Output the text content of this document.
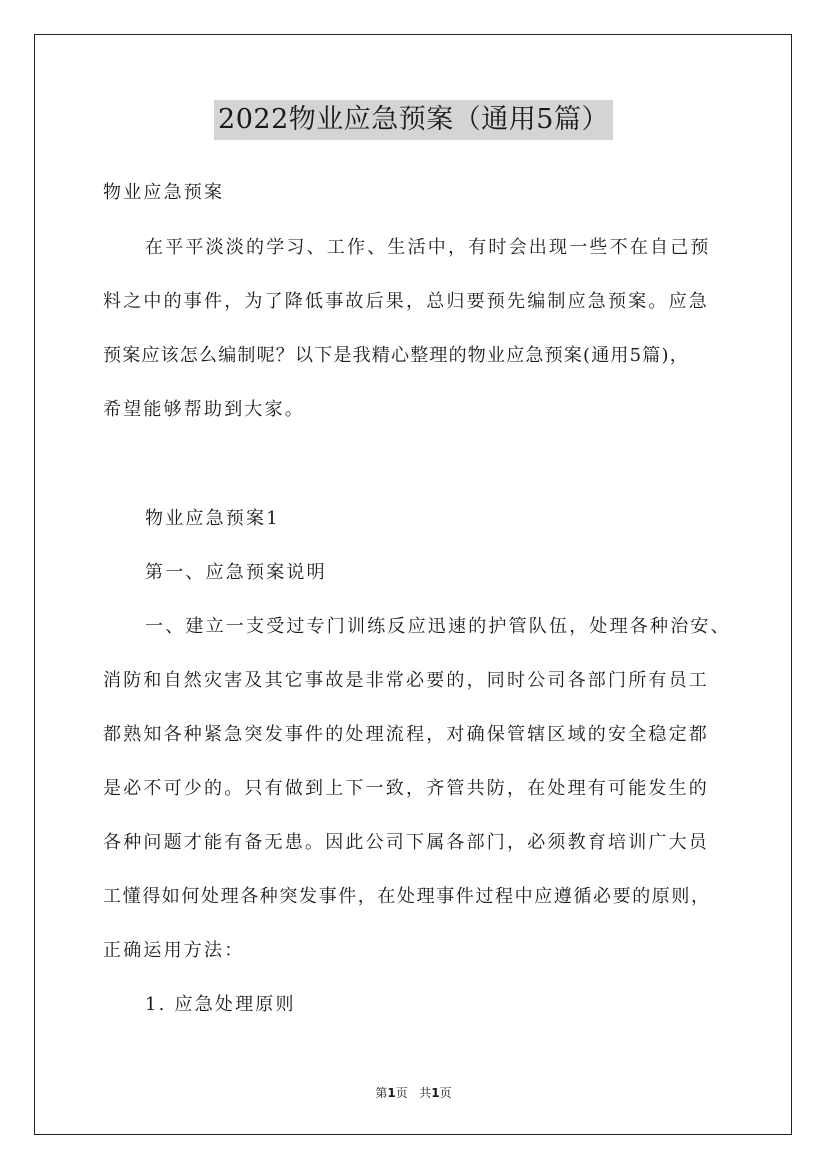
2022物业应急预案（通用5篇）
物业应急预案
在平平淡淡的学习、工作、生活中，有时会出现一些不在自己预
料之中的事件，为了降低事故后果，总归要预先编制应急预案。应急
预案应该怎么编制呢？以下是我精心整理的物业应急预案(通用5篇)，
希望能够帮助到大家。
物业应急预案1
第一、应急预案说明
一、建立一支受过专门训练反应迅速的护管队伍，处理各种治安、
消防和自然灾害及其它事故是非常必要的，同时公司各部门所有员工
都熟知各种紧急突发事件的处理流程，对确保管辖区域的安全稳定都
是必不可少的。只有做到上下一致，齐管共防，在处理有可能发生的
各种问题才能有备无患。因此公司下属各部门，必须教育培训广大员
工懂得如何处理各种突发事件，在处理事件过程中应遵循必要的原则，
正确运用方法：
1. 应急处理原则
第1页 共1页
